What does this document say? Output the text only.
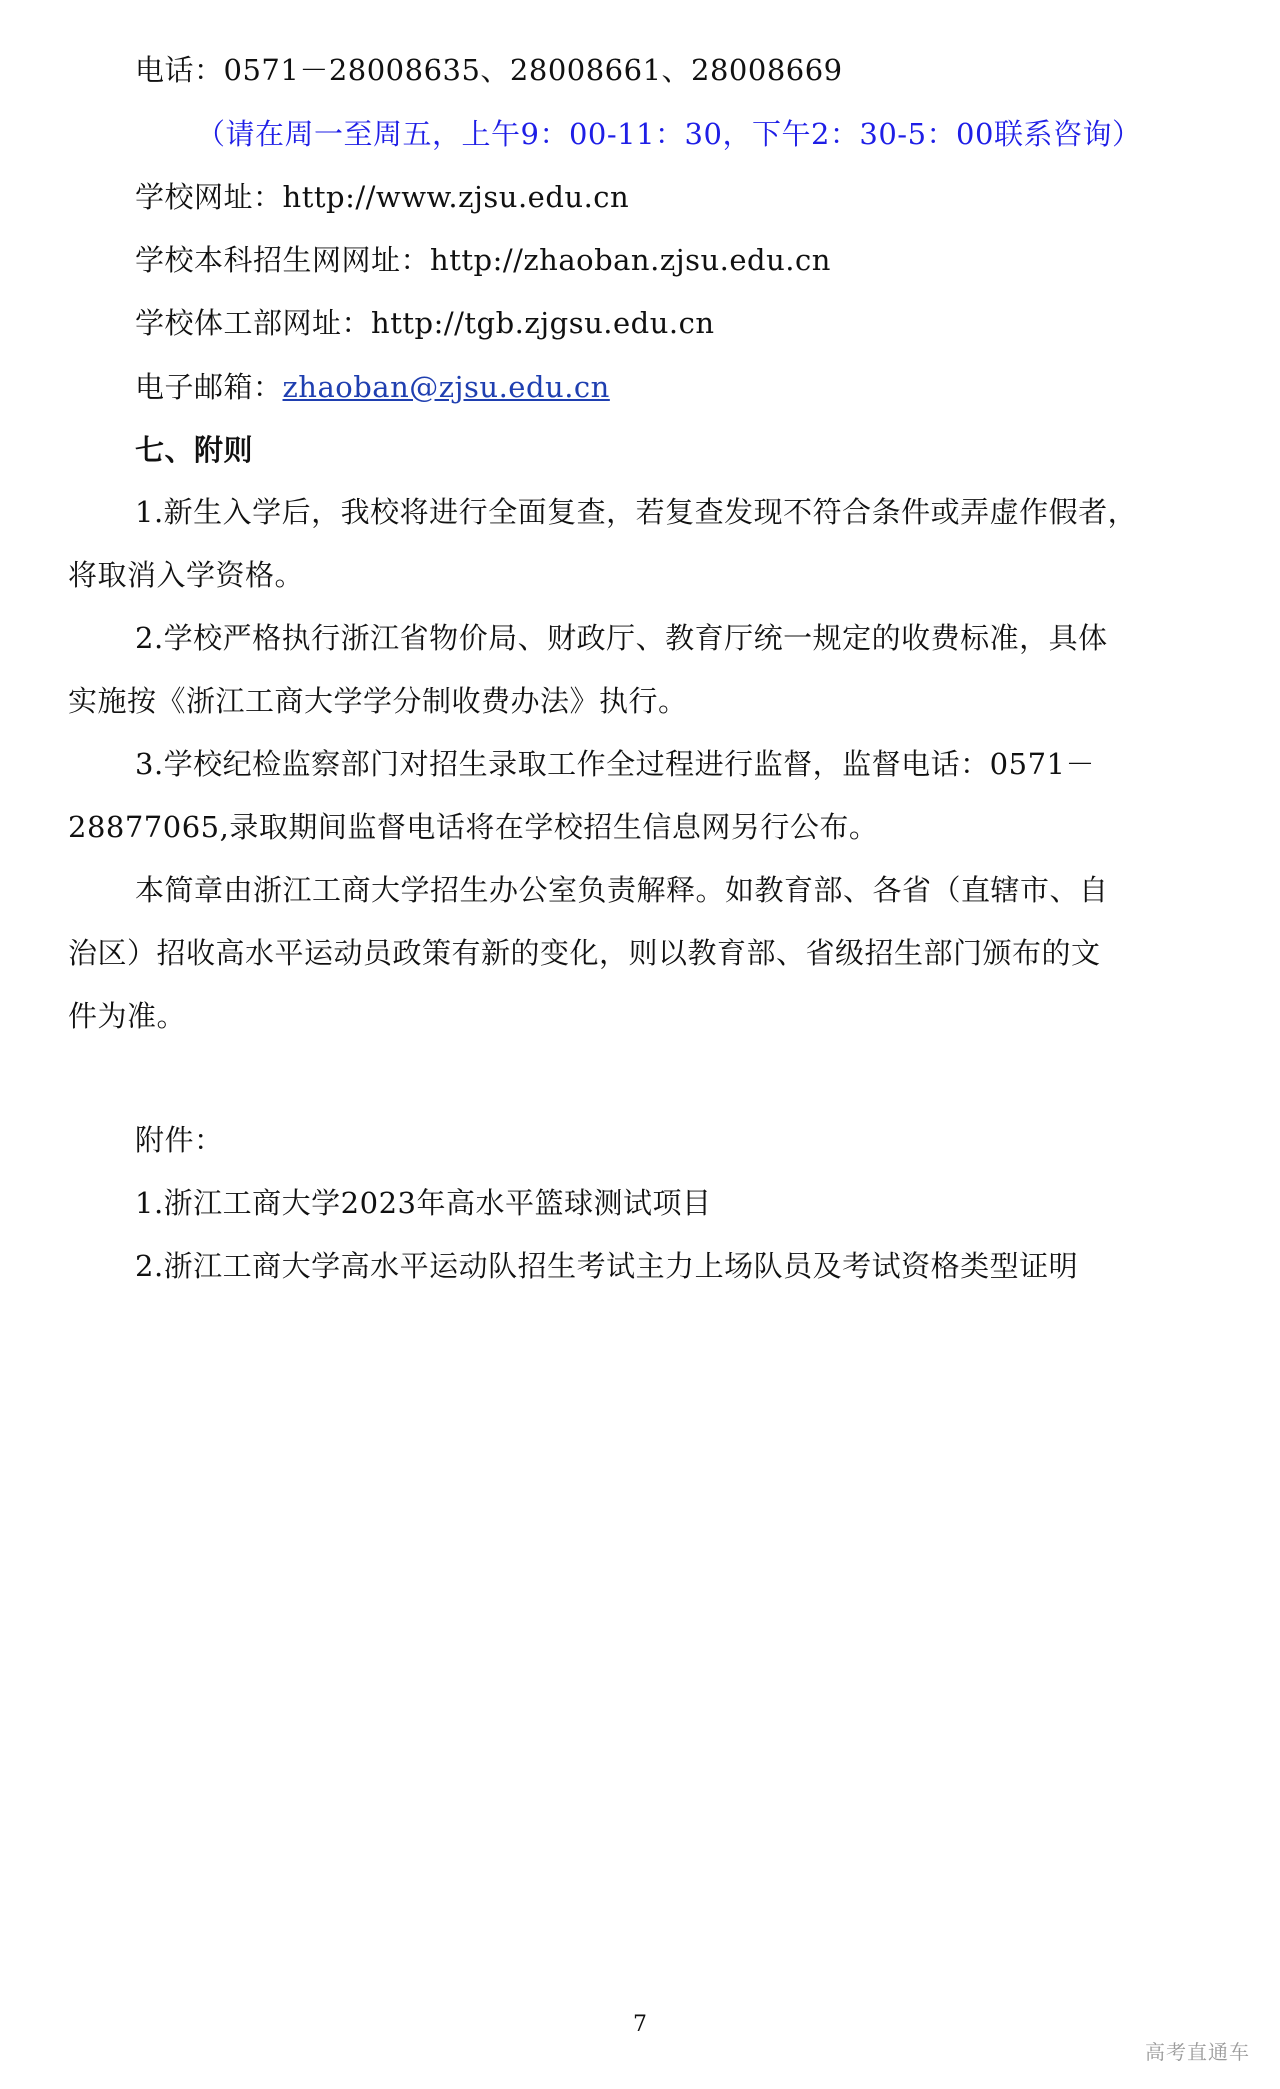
电话：0571－28008635、28008661、28008669
（请在周一至周五，上午9：00-11：30，下午2：30-5：00联系咨询）
学校网址：http://www.zjsu.edu.cn
学校本科招生网网址：http://zhaoban.zjsu.edu.cn
学校体工部网址：http://tgb.zjgsu.edu.cn
电子邮箱：zhaoban@zjsu.edu.cn
七、附则
1.新生入学后，我校将进行全面复查，若复查发现不符合条件或弄虚作假者，
将取消入学资格。
2.学校严格执行浙江省物价局、财政厅、教育厅统一规定的收费标准，具体
实施按《浙江工商大学学分制收费办法》执行。
3.学校纪检监察部门对招生录取工作全过程进行监督，监督电话：0571－
28877065,录取期间监督电话将在学校招生信息网另行公布。
本简章由浙江工商大学招生办公室负责解释。如教育部、各省（直辖市、自
治区）招收高水平运动员政策有新的变化，则以教育部、省级招生部门颁布的文
件为准。
附件：
1.浙江工商大学2023年高水平篮球测试项目
2.浙江工商大学高水平运动队招生考试主力上场队员及考试资格类型证明
7
高考直通车
